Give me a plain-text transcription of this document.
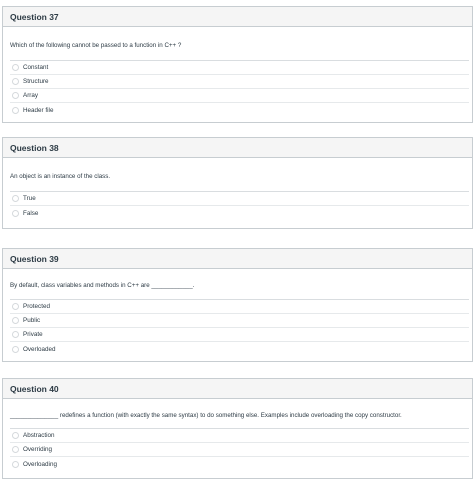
Question 37
Which of the following cannot be passed to a function in C++ ?
Constant
Structure
Array
Header file
Question 38
An object is an instance of the class.
True
False
Question 39
By default, class variables and methods in C++ are ____________.
Protected
Public
Private
Overloaded
Question 40
______________ redefines a function (with exactly the same syntax) to do something else. Examples include overloading the copy constructor.
Abstraction
Overriding
Overloading
